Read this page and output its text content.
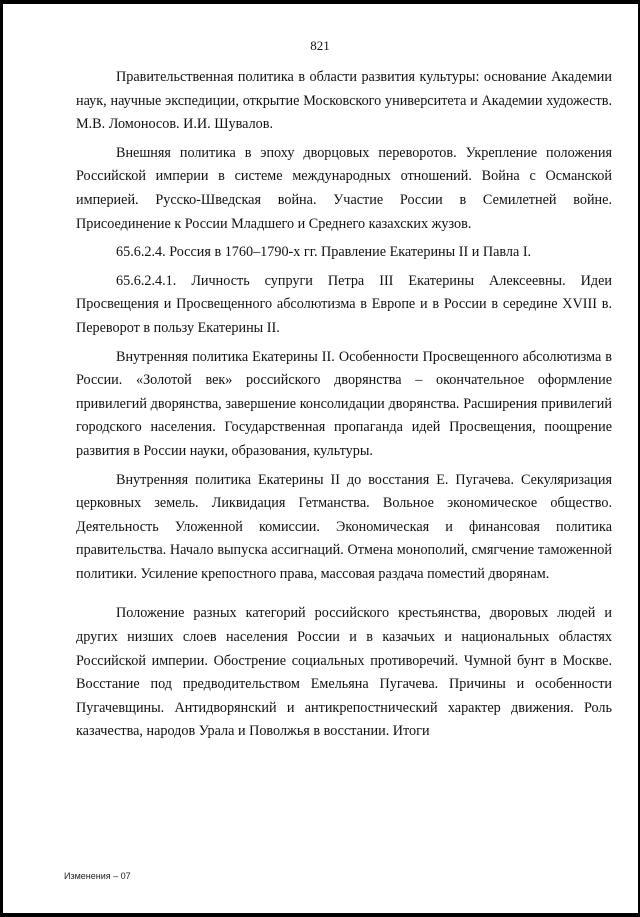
821

Правительственная политика в области развития культуры: основание Академии наук, научные экспедиции, открытие Московского университета и Академии художеств. М.В. Ломоносов. И.И. Шувалов.

Внешняя политика в эпоху дворцовых переворотов. Укрепление положения Российской империи в системе международных отношений. Война с Османской империей. Русско-Шведская война. Участие России в Семилетней войне. Присоединение к России Младшего и Среднего казахских жузов.

65.6.2.4. Россия в 1760–1790-х гг. Правление Екатерины II и Павла I.

65.6.2.4.1. Личность супруги Петра III Екатерины Алексеевны. Идеи Просвещения и Просвещенного абсолютизма в Европе и в России в середине XVIII в. Переворот в пользу Екатерины II.

Внутренняя политика Екатерины II. Особенности Просвещенного абсолютизма в России. «Золотой век» российского дворянства – окончательное оформление привилегий дворянства, завершение консолидации дворянства. Расширения привилегий городского населения. Государственная пропаганда идей Просвещения, поощрение развития в России науки, образования, культуры.

Внутренняя политика Екатерины II до восстания Е. Пугачева. Секуляризация церковных земель. Ликвидация Гетманства. Вольное экономическое общество. Деятельность Уложенной комиссии. Экономическая и финансовая политика правительства. Начало выпуска ассигнаций. Отмена монополий, смягчение таможенной политики. Усиление крепостного права, массовая раздача поместий дворянам.

Положение разных категорий российского крестьянства, дворовых людей и других низших слоев населения России и в казачьих и национальных областях Российской империи. Обострение социальных противоречий. Чумной бунт в Москве. Восстание под предводительством Емельяна Пугачева. Причины и особенности Пугачевщины. Антидворянский и антикрепостнический характер движения. Роль казачества, народов Урала и Поволжья в восстании. Итоги

Изменения – 07
